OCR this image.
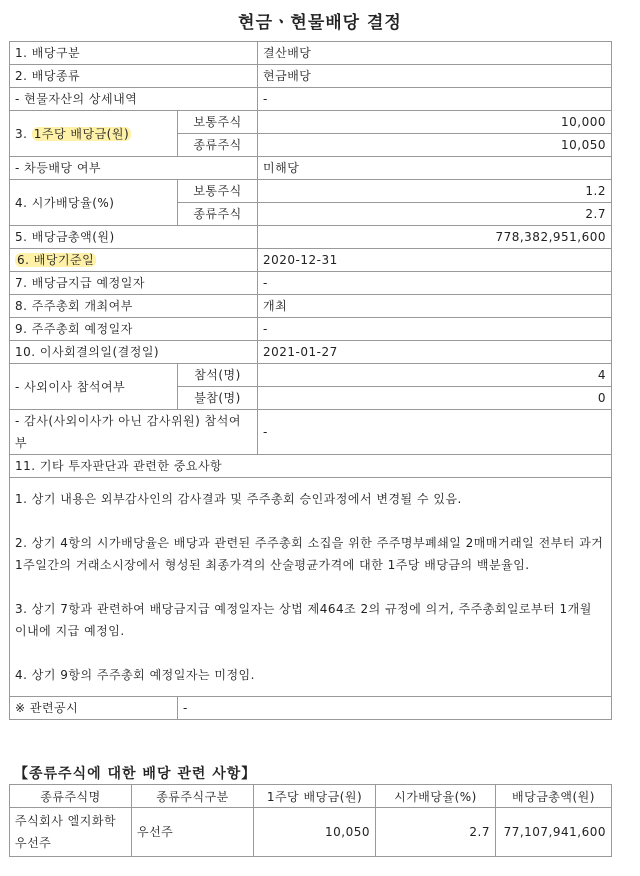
현금ㆍ현물배당 결정
1. 배당구분		결산배당
2. 배당종류		현금배당
- 현물자산의 상세내역		-
3. 1주당 배당금(원)	보통주식	10,000
	종류주식	10,050
- 차등배당 여부		미해당
4. 시가배당율(%)	보통주식	1.2
	종류주식	2.7
5. 배당금총액(원)		778,382,951,600
6. 배당기준일		2020-12-31
7. 배당금지급 예정일자		-
8. 주주총회 개최여부		개최
9. 주주총회 예정일자		-
10. 이사회결의일(결정일)		2021-01-27
- 사외이사 참석여부	참석(명)	4
	불참(명)	0
- 감사(사외이사가 아닌 감사위원) 참석여부		-
11. 기타 투자판단과 관련한 중요사항		

1. 상기 내용은 외부감사인의 감사결과 및 주주총회 승인과정에서 변경될 수 있음.

2. 상기 4항의 시가배당율은 배당과 관련된 주주총회 소집을 위한 주주명부폐쇄일 2매매거래일 전부터 과거 1주일간의 거래소시장에서 형성된 최종가격의 산술평균가격에 대한 1주당 배당금의 백분율임.

3. 상기 7항과 관련하여 배당금지급 예정일자는 상법 제464조 2의 규정에 의거, 주주총회일로부터 1개월 이내에 지급 예정임.

4. 상기 9항의 주주총회 예정일자는 미정임.		

※ 관련공시	-	
【종류주식에 대한 배당 관련 사항】
종류주식명	종류주식구분	1주당 배당금(원)	시가배당율(%)	배당금총액(원)
주식회사 엘지화학 우선주	우선주	10,050	2.7	77,107,941,600
